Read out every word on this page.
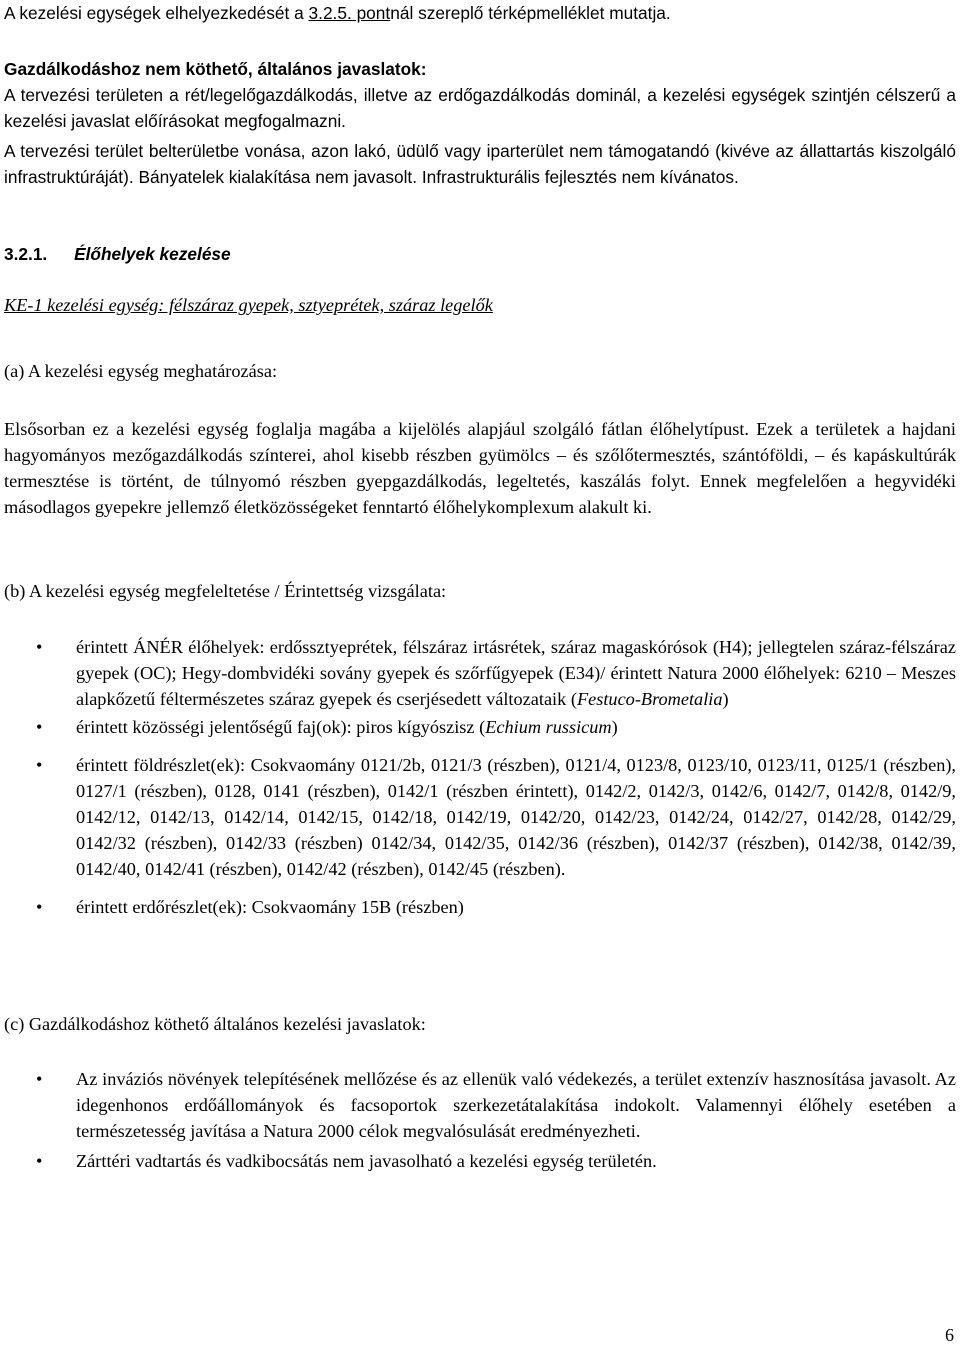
A kezelési egységek elhelyezkedését a 3.2.5. pontnál szereplő térképmelléklet mutatja.

Gazdálkodáshoz nem köthető, általános javaslatok:

A tervezési területen a rét/legelőgazdálkodás, illetve az erdőgazdálkodás dominál, a kezelési egységek szintjén célszerű a kezelési javaslat előírásokat megfogalmazni.

A tervezési terület belterületbe vonása, azon lakó, üdülő vagy iparterület nem támogatandó (kivéve az állattartás kiszolgáló infrastruktúráját). Bányatelek kialakítása nem javasolt. Infrastrukturális fejlesztés nem kívánatos.

3.2.1. Élőhelyek kezelése

KE-1 kezelési egység: félszáraz gyepek, sztyeprétek, száraz legelők

(a) A kezelési egység meghatározása:

Elsősorban ez a kezelési egység foglalja magába a kijelölés alapjául szolgáló fátlan élőhelytípust. Ezek a területek a hajdani hagyományos mezőgazdálkodás színterei, ahol kisebb részben gyümölcs – és szőlőtermesztés, szántóföldi, – és kapáskultúrák termesztése is történt, de túlnyomó részben gyepgazdálkodás, legeltetés, kaszálás folyt. Ennek megfelelően a hegyvidéki másodlagos gyepekre jellemző életközösségeket fenntartó élőhelykomplexum alakult ki.

(b) A kezelési egység megfeleltetése / Érintettség vizsgálata:

• érintett ÁNÉR élőhelyek: erdőssztyeprétek, félszáraz irtásrétek, száraz magaskórósok (H4); jellegtelen száraz-félszáraz gyepek (OC); Hegy-dombvidéki sovány gyepek és szőrfűgyepek (E34)/ érintett Natura 2000 élőhelyek: 6210 – Meszes alapkőzetű féltermészetes száraz gyepek és cserjésedett változataik (Festuco-Brometalia)
• érintett közösségi jelentőségű faj(ok): piros kígyószisz (Echium russicum)
• érintett földrészlet(ek): Csokvaomány 0121/2b, 0121/3 (részben), 0121/4, 0123/8, 0123/10, 0123/11, 0125/1 (részben), 0127/1 (részben), 0128, 0141 (részben), 0142/1 (részben érintett), 0142/2, 0142/3, 0142/6, 0142/7, 0142/8, 0142/9, 0142/12, 0142/13, 0142/14, 0142/15, 0142/18, 0142/19, 0142/20, 0142/23, 0142/24, 0142/27, 0142/28, 0142/29, 0142/32 (részben), 0142/33 (részben) 0142/34, 0142/35, 0142/36 (részben), 0142/37 (részben), 0142/38, 0142/39, 0142/40, 0142/41 (részben), 0142/42 (részben), 0142/45 (részben).
• érintett erdőrészlet(ek): Csokvaomány 15B (részben)

(c) Gazdálkodáshoz köthető általános kezelési javaslatok:

• Az inváziós növények telepítésének mellőzése és az ellenük való védekezés, a terület extenzív hasznosítása javasolt. Az idegenhonos erdőállományok és facsoportok szerkezetátalakítása indokolt. Valamennyi élőhely esetében a természetesség javítása a Natura 2000 célok megvalósulását eredményezheti.
• Zárttéri vadtartás és vadkibocsátás nem javasolható a kezelési egység területén.
6
